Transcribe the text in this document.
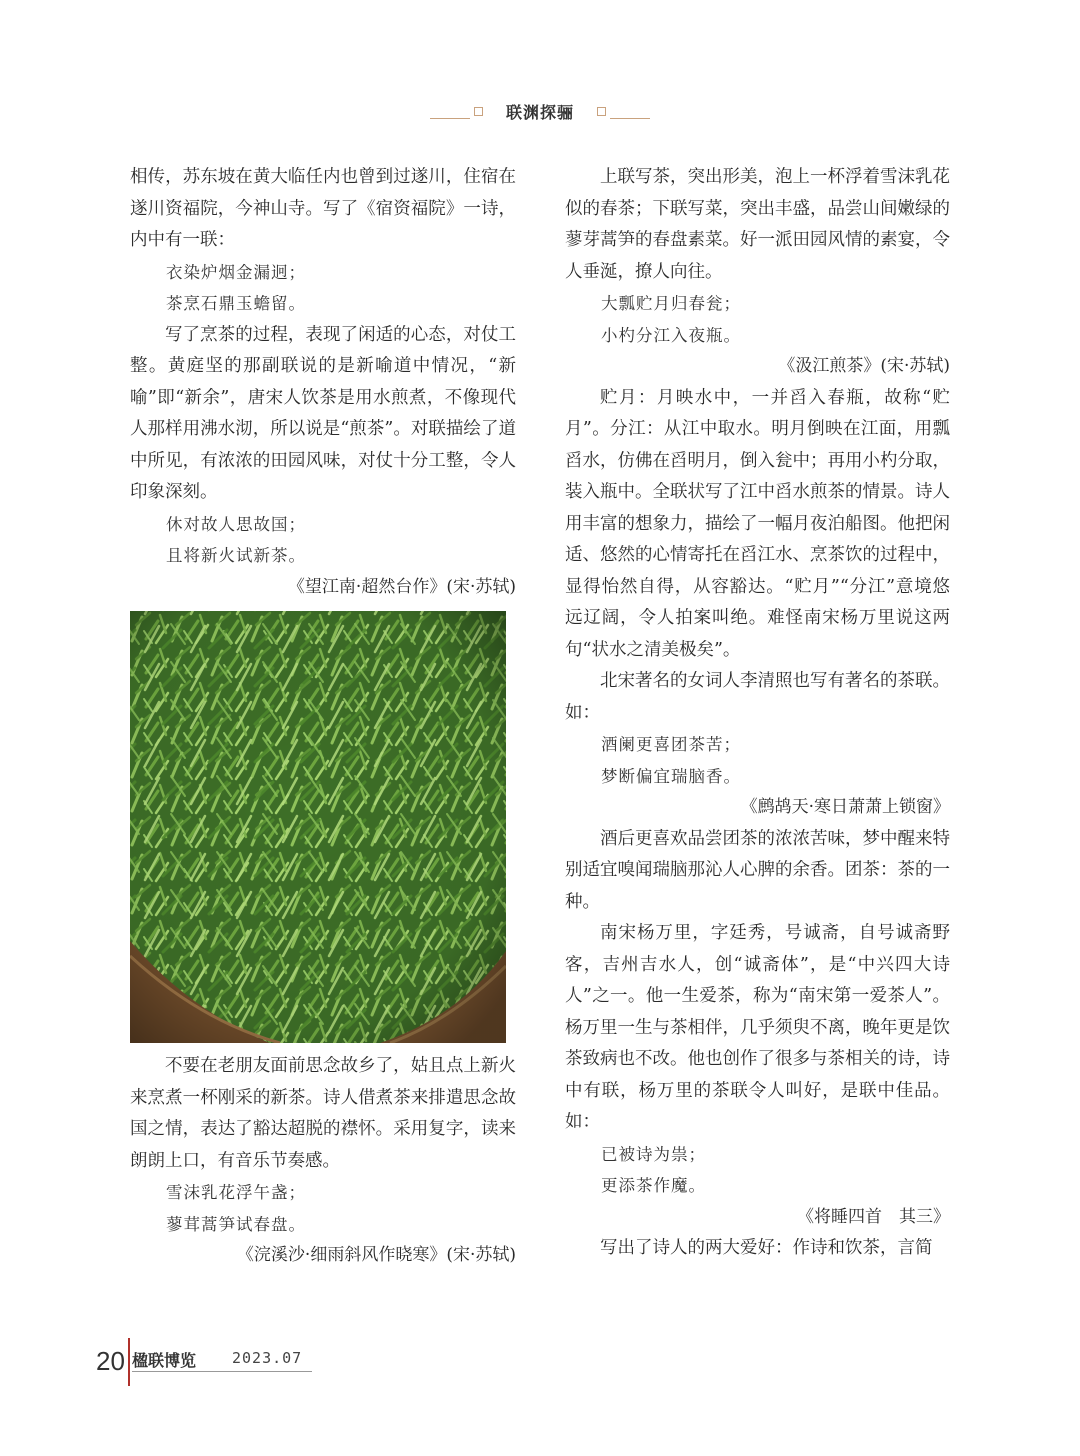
联渊探骊

相传，苏东坡在黄大临任内也曾到过遂川，住宿在遂川资福院，今神山寺。写了《宿资福院》一诗，内中有一联：

衣染炉烟金漏迥；

茶烹石鼎玉蟾留。

写了烹茶的过程，表现了闲适的心态，对仗工整。黄庭坚的那副联说的是新喻道中情况，“新喻”即“新余”，唐宋人饮茶是用水煎煮，不像现代人那样用沸水沏，所以说是“煎茶”。对联描绘了道中所见，有浓浓的田园风味，对仗十分工整，令人印象深刻。

休对故人思故国；

且将新火试新茶。

《望江南·超然台作》(宋·苏轼)

不要在老朋友面前思念故乡了，姑且点上新火来烹煮一杯刚采的新茶。诗人借煮茶来排遣思念故国之情，表达了豁达超脱的襟怀。采用复字，读来朗朗上口，有音乐节奏感。

雪沫乳花浮午盏；

蓼茸蒿笋试春盘。

《浣溪沙·细雨斜风作晓寒》(宋·苏轼)

上联写茶，突出形美，泡上一杯浮着雪沫乳花似的春茶；下联写菜，突出丰盛，品尝山间嫩绿的蓼芽蒿笋的春盘素菜。好一派田园风情的素宴，令人垂涎，撩人向往。

大瓢贮月归春瓮；

小杓分江入夜瓶。

《汲江煎茶》(宋·苏轼)

贮月：月映水中，一并舀入春瓶，故称“贮月”。分江：从江中取水。明月倒映在江面，用瓢舀水，仿佛在舀明月，倒入瓮中；再用小杓分取，装入瓶中。全联状写了江中舀水煎茶的情景。诗人用丰富的想象力，描绘了一幅月夜泊船图。他把闲适、悠然的心情寄托在舀江水、烹茶饮的过程中，显得怡然自得，从容豁达。“贮月”“分江”意境悠远辽阔，令人拍案叫绝。难怪南宋杨万里说这两句“状水之清美极矣”。

北宋著名的女词人李清照也写有著名的茶联。如：

酒阑更喜团茶苦；

梦断偏宜瑞脑香。

《鹧鸪天·寒日萧萧上锁窗》

酒后更喜欢品尝团茶的浓浓苦味，梦中醒来特别适宜嗅闻瑞脑那沁人心脾的余香。团茶：茶的一种。

南宋杨万里，字廷秀，号诚斋，自号诚斋野客，吉州吉水人，创“诚斋体”，是“中兴四大诗人”之一。他一生爱茶，称为“南宋第一爱茶人”。杨万里一生与茶相伴，几乎须臾不离，晚年更是饮茶致病也不改。他也创作了很多与茶相关的诗，诗中有联，杨万里的茶联令人叫好，是联中佳品。如：

已被诗为祟；

更添茶作魔。

《将睡四首　其三》

写出了诗人的两大爱好：作诗和饮茶，言简

20 楹联博览 2023.07
